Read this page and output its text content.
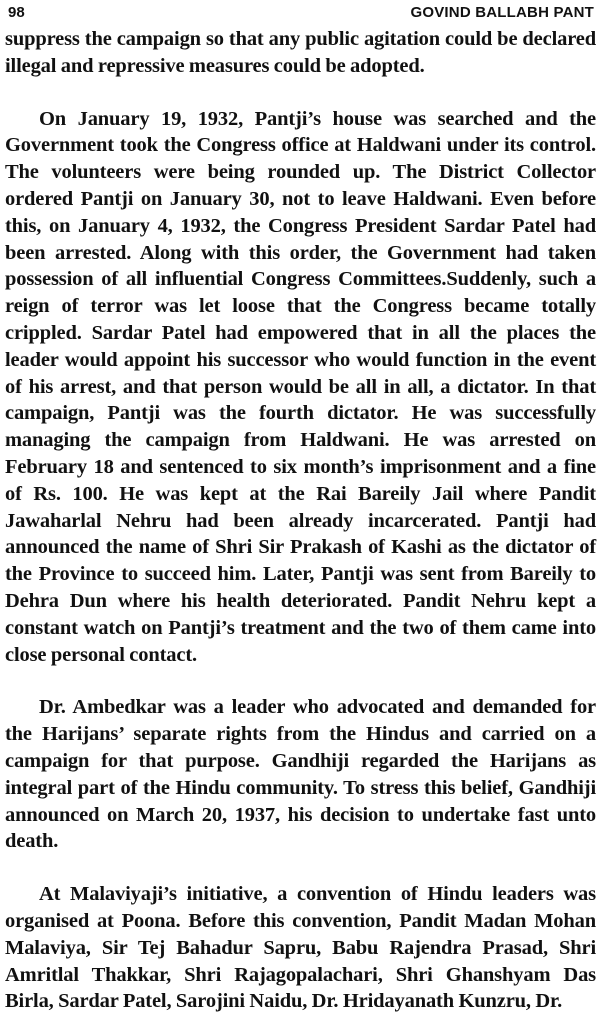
98	GOVIND BALLABH PANT

suppress the campaign so that any public agitation could be declared illegal and repressive measures could be adopted.

On January 19, 1932, Pantji’s house was searched and the Government took the Congress office at Haldwani under its control. The volunteers were being rounded up. The District Collector ordered Pantji on January 30, not to leave Haldwani. Even before this, on January 4, 1932, the Congress President Sardar Patel had been arrested. Along with this order, the Government had taken possession of all influential Congress Committees.Suddenly, such a reign of terror was let loose that the Congress became totally crippled. Sardar Patel had empowered that in all the places the leader would appoint his successor who would function in the event of his arrest, and that person would be all in all, a dictator. In that campaign, Pantji was the fourth dictator. He was successfully managing the campaign from Haldwani. He was arrested on February 18 and sentenced to six month’s imprisonment and a fine of Rs. 100. He was kept at the Rai Bareily Jail where Pandit Jawaharlal Nehru had been already incarcerated. Pantji had announced the name of Shri Sir Prakash of Kashi as the dictator of the Province to succeed him. Later, Pantji was sent from Bareily to Dehra Dun where his health deteriorated. Pandit Nehru kept a constant watch on Pantji’s treatment and the two of them came into close personal contact.

Dr. Ambedkar was a leader who advocated and demanded for the Harijans’ separate rights from the Hindus and carried on a campaign for that purpose. Gandhiji regarded the Harijans as integral part of the Hindu community. To stress this belief, Gandhiji announced on March 20, 1937, his decision to undertake fast unto death.

At Malaviyaji’s initiative, a convention of Hindu leaders was organised at Poona. Before this convention, Pandit Madan Mohan Malaviya, Sir Tej Bahadur Sapru, Babu Rajendra Prasad, Shri Amritlal Thakkar, Shri Rajagopalachari, Shri Ghanshyam Das Birla, Sardar Patel, Sarojini Naidu, Dr. Hridayanath Kunzru, Dr.
